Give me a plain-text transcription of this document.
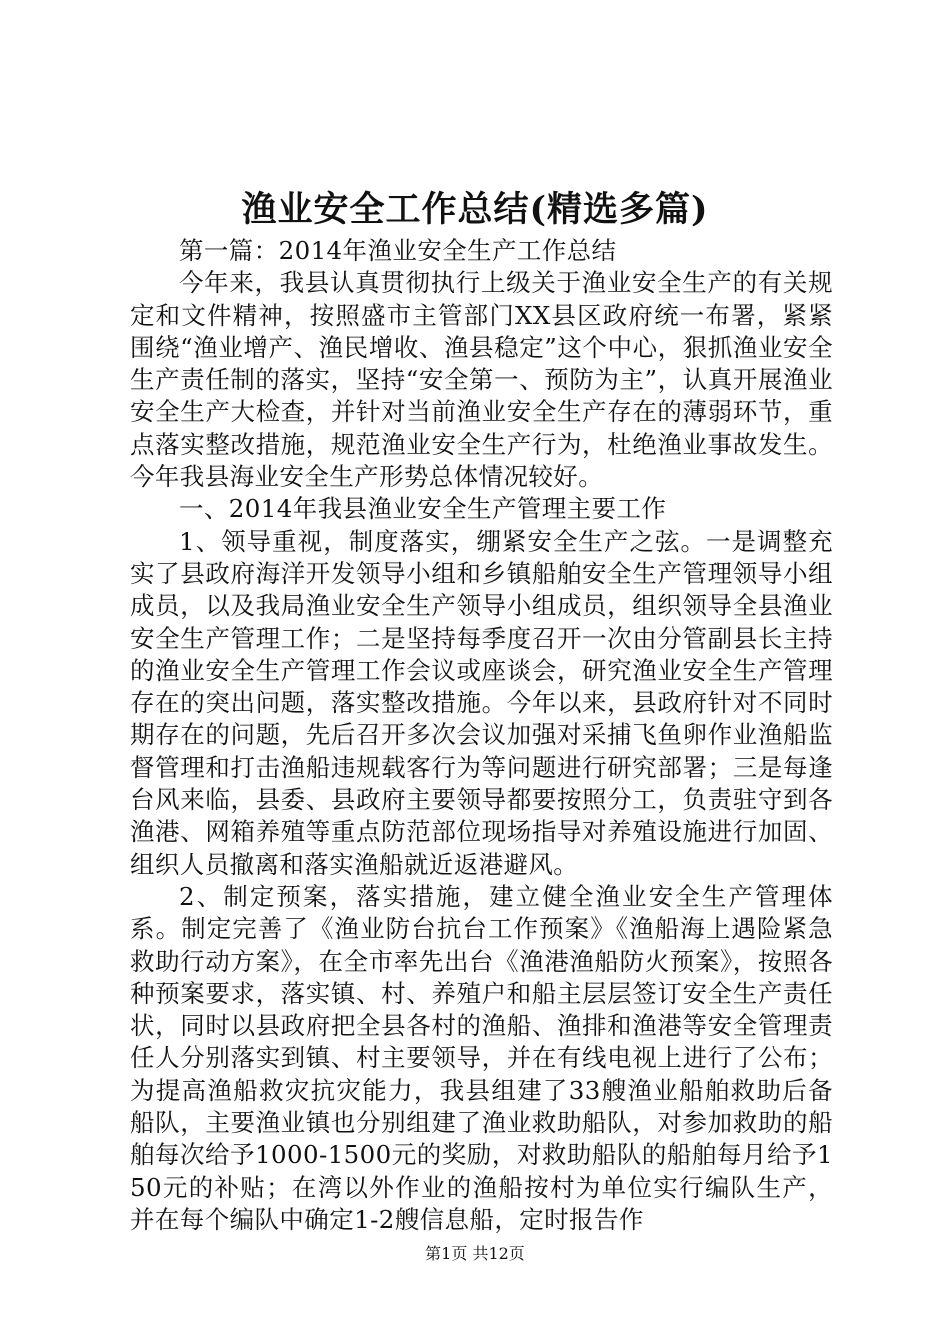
渔业安全工作总结(精选多篇)

第一篇：2014年渔业安全生产工作总结

今年来，我县认真贯彻执行上级关于渔业安全生产的有关规定和文件精神，按照盛市主管部门XX县区政府统一布署，紧紧围绕“渔业增产、渔民增收、渔县稳定”这个中心，狠抓渔业安全生产责任制的落实，坚持“安全第一、预防为主”，认真开展渔业安全生产大检查，并针对当前渔业安全生产存在的薄弱环节，重点落实整改措施，规范渔业安全生产行为，杜绝渔业事故发生。今年我县海业安全生产形势总体情况较好。

一、2014年我县渔业安全生产管理主要工作

1、领导重视，制度落实，绷紧安全生产之弦。一是调整充实了县政府海洋开发领导小组和乡镇船舶安全生产管理领导小组成员，以及我局渔业安全生产领导小组成员，组织领导全县渔业安全生产管理工作；二是坚持每季度召开一次由分管副县长主持的渔业安全生产管理工作会议或座谈会，研究渔业安全生产管理存在的突出问题，落实整改措施。今年以来，县政府针对不同时期存在的问题，先后召开多次会议加强对采捕飞鱼卵作业渔船监督管理和打击渔船违规载客行为等问题进行研究部署；三是每逢台风来临，县委、县政府主要领导都要按照分工，负责驻守到各渔港、网箱养殖等重点防范部位现场指导对养殖设施进行加固、组织人员撤离和落实渔船就近返港避风。

2、制定预案，落实措施，建立健全渔业安全生产管理体系。制定完善了《渔业防台抗台工作预案》《渔船海上遇险紧急救助行动方案》，在全市率先出台《渔港渔船防火预案》，按照各种预案要求，落实镇、村、养殖户和船主层层签订安全生产责任状，同时以县政府把全县各村的渔船、渔排和渔港等安全管理责任人分别落实到镇、村主要领导，并在有线电视上进行了公布；为提高渔船救灾抗灾能力，我县组建了33艘渔业船舶救助后备船队，主要渔业镇也分别组建了渔业救助船队，对参加救助的船舶每次给予1000-1500元的奖励，对救助船队的船舶每月给予150元的补贴；在湾以外作业的渔船按村为单位实行编队生产，并在每个编队中确定1-2艘信息船，定时报告作

第1页 共12页
